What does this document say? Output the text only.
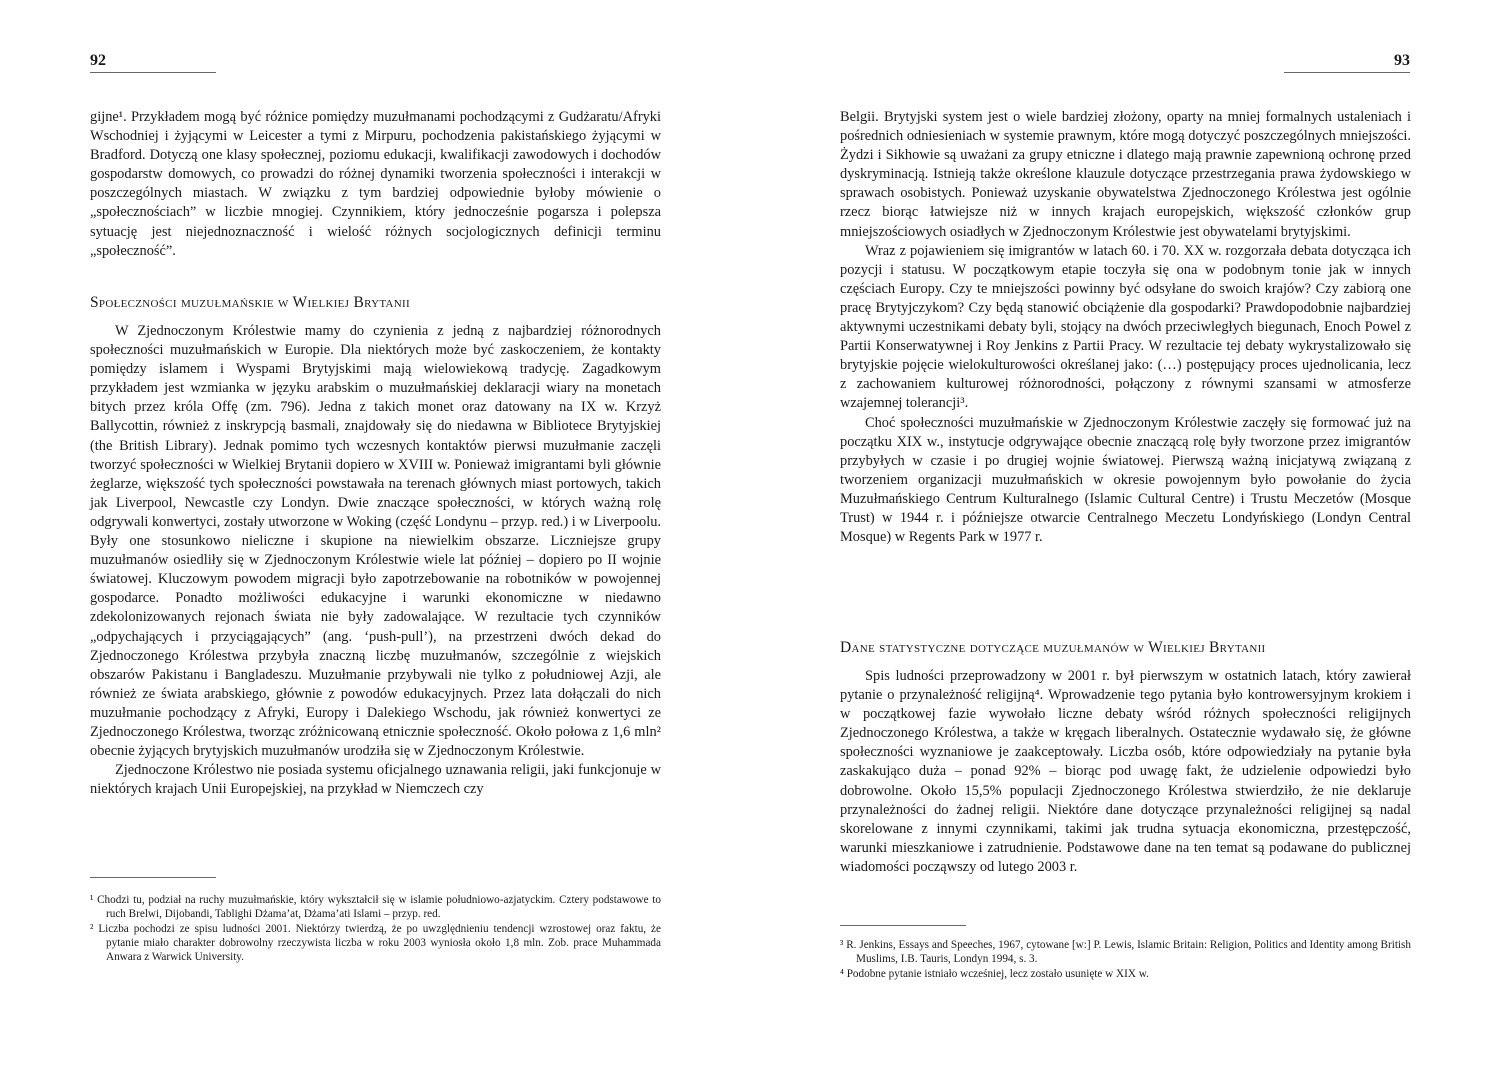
92

gijne¹. Przykładem mogą być różnice pomiędzy muzułmanami pochodzącymi z Gudżaratu/Afryki Wschodniej i żyjącymi w Leicester a tymi z Mirpuru, pochodzenia pakistańskiego żyjącymi w Bradford. Dotyczą one klasy społecznej, poziomu edukacji, kwalifikacji zawodowych i dochodów gospodarstw domowych, co prowadzi do różnej dynamiki tworzenia społeczności i interakcji w poszczególnych miastach. W związku z tym bardziej odpowiednie byłoby mówienie o „społecznościach” w liczbie mnogiej. Czynnikiem, który jednocześnie pogarsza i polepsza sytuację jest niejednoznaczność i wielość różnych socjologicznych definicji terminu „społeczność”.

Społeczności muzułmańskie w Wielkiej Brytanii

W Zjednoczonym Królestwie mamy do czynienia z jedną z najbardziej różnorodnych społeczności muzułmańskich w Europie. Dla niektórych może być zaskoczeniem, że kontakty pomiędzy islamem i Wyspami Brytyjskimi mają wielowiekową tradycję. Zagadkowym przykładem jest wzmianka w języku arabskim o muzułmańskiej deklaracji wiary na monetach bitych przez króla Offę (zm. 796). Jedna z takich monet oraz datowany na IX w. Krzyż Ballycottin, również z inskrypcją basmali, znajdowały się do niedawna w Bibliotece Brytyjskiej (the British Library). Jednak pomimo tych wczesnych kontaktów pierwsi muzułmanie zaczęli tworzyć społeczności w Wielkiej Brytanii dopiero w XVIII w. Ponieważ imigrantami byli głównie żeglarze, większość tych społeczności powstawała na terenach głównych miast portowych, takich jak Liverpool, Newcastle czy Londyn. Dwie znaczące społeczności, w których ważną rolę odgrywali konwertyci, zostały utworzone w Woking (część Londynu – przyp. red.) i w Liverpoolu. Były one stosunkowo nieliczne i skupione na niewielkim obszarze. Liczniejsze grupy muzułmanów osiedliły się w Zjednoczonym Królestwie wiele lat później – dopiero po II wojnie światowej. Kluczowym powodem migracji było zapotrzebowanie na robotników w powojennej gospodarce. Ponadto możliwości edukacyjne i warunki ekonomiczne w niedawno zdekolonizowanych rejonach świata nie były zadowalające. W rezultacie tych czynników „odpychających i przyciągających” (ang. ‘push-pull’), na przestrzeni dwóch dekad do Zjednoczonego Królestwa przybyła znaczną liczbę muzułmanów, szczególnie z wiejskich obszarów Pakistanu i Bangladeszu. Muzułmanie przybywali nie tylko z południowej Azji, ale również ze świata arabskiego, głównie z powodów edukacyjnych. Przez lata dołączali do nich muzułmanie pochodzący z Afryki, Europy i Dalekiego Wschodu, jak również konwertyci ze Zjednoczonego Królestwa, tworząc zróżnicowaną etnicznie społeczność. Około połowa z 1,6 mln² obecnie żyjących brytyjskich muzułmanów urodziła się w Zjednoczonym Królestwie.

Zjednoczone Królestwo nie posiada systemu oficjalnego uznawania religii, jaki funkcjonuje w niektórych krajach Unii Europejskiej, na przykład w Niemczech czy

¹ Chodzi tu, podział na ruchy muzułmańskie, który wykształcił się w islamie południowo-azjatyckim. Cztery podstawowe to ruch Brelwi, Dijobandi, Tablighi Dżama’at, Dżama’ati Islami – przyp. red.

² Liczba pochodzi ze spisu ludności 2001. Niektórzy twierdzą, że po uwzględnieniu tendencji wzrostowej oraz faktu, że pytanie miało charakter dobrowolny rzeczywista liczba w roku 2003 wyniosła około 1,8 mln. Zob. prace Muhammada Anwara z Warwick University.

93

Belgii. Brytyjski system jest o wiele bardziej złożony, oparty na mniej formalnych ustaleniach i pośrednich odniesieniach w systemie prawnym, które mogą dotyczyć poszczególnych mniejszości. Żydzi i Sikhowie są uważani za grupy etniczne i dlatego mają prawnie zapewnioną ochronę przed dyskryminacją. Istnieją także określone klauzule dotyczące przestrzegania prawa żydowskiego w sprawach osobistych. Ponieważ uzyskanie obywatelstwa Zjednoczonego Królestwa jest ogólnie rzecz biorąc łatwiejsze niż w innych krajach europejskich, większość członków grup mniejszościowych osiadłych w Zjednoczonym Królestwie jest obywatelami brytyjskimi.

Wraz z pojawieniem się imigrantów w latach 60. i 70. XX w. rozgorzała debata dotycząca ich pozycji i statusu. W początkowym etapie toczyła się ona w podobnym tonie jak w innych częściach Europy. Czy te mniejszości powinny być odsyłane do swoich krajów? Czy zabiorą one pracę Brytyjczykom? Czy będą stanowić obciążenie dla gospodarki? Prawdopodobnie najbardziej aktywnymi uczestnikami debaty byli, stojący na dwóch przeciwległych biegunach, Enoch Powel z Partii Konserwatywnej i Roy Jenkins z Partii Pracy. W rezultacie tej debaty wykrystalizowało się brytyjskie pojęcie wielokulturowości określanej jako: (…) postępujący proces ujednolicania, lecz z zachowaniem kulturowej różnorodności, połączony z równymi szansami w atmosferze wzajemnej tolerancji³.

Choć społeczności muzułmańskie w Zjednoczonym Królestwie zaczęły się formować już na początku XIX w., instytucje odgrywające obecnie znaczącą rolę były tworzone przez imigrantów przybyłych w czasie i po drugiej wojnie światowej. Pierwszą ważną inicjatywą związaną z tworzeniem organizacji muzułmańskich w okresie powojennym było powołanie do życia Muzułmańskiego Centrum Kulturalnego (Islamic Cultural Centre) i Trustu Meczetów (Mosque Trust) w 1944 r. i późniejsze otwarcie Centralnego Meczetu Londyńskiego (Londyn Central Mosque) w Regents Park w 1977 r.

Dane statystyczne dotyczące muzułmanów w Wielkiej Brytanii

Spis ludności przeprowadzony w 2001 r. był pierwszym w ostatnich latach, który zawierał pytanie o przynależność religijną⁴. Wprowadzenie tego pytania było kontrowersyjnym krokiem i w początkowej fazie wywołało liczne debaty wśród różnych społeczności religijnych Zjednoczonego Królestwa, a także w kręgach liberalnych. Ostatecznie wydawało się, że główne społeczności wyznaniowe je zaakceptowały. Liczba osób, które odpowiedziały na pytanie była zaskakująco duża – ponad 92% – biorąc pod uwagę fakt, że udzielenie odpowiedzi było dobrowolne. Około 15,5% populacji Zjednoczonego Królestwa stwierdziło, że nie deklaruje przynależności do żadnej religii. Niektóre dane dotyczące przynależności religijnej są nadal skorelowane z innymi czynnikami, takimi jak trudna sytuacja ekonomiczna, przestępczość, warunki mieszkaniowe i zatrudnienie. Podstawowe dane na ten temat są podawane do publicznej wiadomości począwszy od lutego 2003 r.

³ R. Jenkins, Essays and Speeches, 1967, cytowane [w:] P. Lewis, Islamic Britain: Religion, Politics and Identity among British Muslims, I.B. Tauris, Londyn 1994, s. 3.

⁴ Podobne pytanie istniało wcześniej, lecz zostało usunięte w XIX w.
